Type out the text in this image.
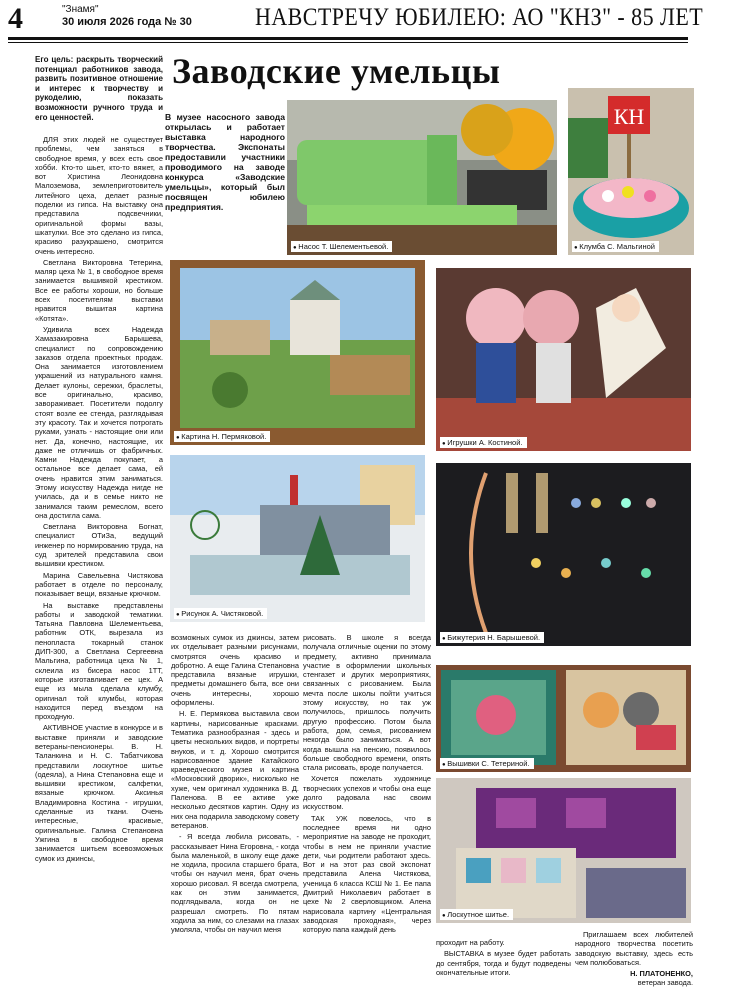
4	"Знамя"
30 июля 2026 года № 30	НАВСТРЕЧУ ЮБИЛЕЮ: АО "КНЗ" - 85 ЛЕТ
Заводские умельцы
Его цель: раскрыть творческий потенциал работников завода, развить позитивное отношение и интерес к творчеству и рукоделию, показать возможности ручного труда и его ценностей.	В музее насосного завода открылась и работает выставка народного творчества. Экспонаты предоставили участники проводимого на заводе конкурса «Заводские умельцы», который был посвящен юбилею предприятия.

ДЛЯ этих людей не существует проблемы, чем заняться в свободное время, у всех есть свое хобби. Кто-то шьет, кто-то вяжет, а вот Христина Леонидовна Малоземова, землеприготовитель литейного цеха, делает разные поделки из гипса. На выставку она представила подсвечники, оригинальной формы вазы, шкатулки. Все это сделано из гипса, красиво разукрашено, смотрится очень интересно.

Светлана Викторовна Тетерина, маляр цеха № 1, в свободное время занимается вышивкой крестиком. Все ее работы хороши, но больше всех посетителям выставки нравится вышитая картина «Котята».

Удивила всех Надежда Хамазакировна Барышева, специалист по сопровождению заказов отдела проектных продаж. Она занимается изготовлением украшений из натурального камня. Делает кулоны, сережки, браслеты, все оригинально, красиво, завораживает. Посетители подолгу стоят возле ее стенда, разглядывая эту красоту. Так и хочется потрогать руками, узнать - настоящие они или нет. Да, конечно, настоящие, их даже не отличишь от фабричных. Камни Надежда покупает, а остальное все делает сама, ей очень нравится этим заниматься. Этому искусству Надежда нигде не училась, да и в семье никто не занимался таким ремеслом, всего она достигла сама.

Светлана Викторовна Богнат, специалист ОТиЗа, ведущий инженер по нормированию труда, на суд зрителей представила свои вышивки крестиком.

Марина Савельевна Чистякова работает в отделе по персоналу, показывает вещи, вязаные крючком.

На выставке представлены работы и заводской тематики. Татьяна Павловна Шелементьева, работник ОТК, вырезала из пенопласта токарный станок ДИП-300, а Светлана Сергеевна Мальгина, работница цеха № 1, склеила из бисера насос 1ТТ, которые изготавливает ее цех. А еще из мыла сделала клумбу, оригинал той клумбы, которая находится перед въездом на проходную.

АКТИВНОЕ участие в конкурсе и в выставке приняли и заводские ветераны-пенсионеры. В. Н. Таланкина и Н. С. Табатчикова представили лоскутное шитье (одеяла), а Нина Степановна еще и вышивки крестиком, салфетки, вязаные крючком. Аксинья Владимировна Костина - игрушки, сделанные из ткани. Очень интересные, красивые, оригинальные. Галина Степановна Ужгина в свободное время занимается шитьем всевозможных сумок из джинсы,

возможных сумок из джинсы, затем их отделывает разными рисунками, смотрятся очень красиво и добротно. А еще Галина Степановна представила вязаные игрушки, предметы домашнего быта, все они очень интересны, хорошо оформлены.

Н. Е. Пермякова выставила свои картины, нарисованные красками. Тематика разнообразная - здесь и цветы нескольких видов, и портреты внуков, и т. д. Хорошо смотрится нарисованное здание Катайского краеведческого музея и картина «Московский дворик», нисколько не хуже, чем оригинал художника В. Д. Паленова. В ее активе уже несколько десятков картин. Одну из них она подарила заводскому совету ветеранов.

- Я всегда любила рисовать, - рассказывает Нина Егоровна, - когда была маленькой, в школу еще даже не ходила, просила старшего брата, чтобы он научил меня, брат очень хорошо рисовал. Я всегда смотрела, как он этим занимается, подглядывала, когда он не разрешал смотреть. По пятам ходила за ним, со слезами на глазах умоляла, чтобы он научил меня

рисовать. В школе я всегда получала отличные оценки по этому предмету, активно принимала участие в оформлении школьных стенгазет и других мероприятиях, связанных с рисованием. Была мечта после школы пойти учиться этому искусству, но так уж получилось, пришлось получить другую профессию. Потом была работа, дом, семья, рисованием некогда было заниматься. А вот когда вышла на пенсию, появилось больше свободного времени, опять стала рисовать, вроде получается.

Хочется пожелать художнице творческих успехов и чтобы она еще долго радовала нас своим искусством.

ТАК УЖ повелось, что в последнее время ни одно мероприятие на заводе не проходит, чтобы в нем не приняли участие дети, чьи родители работают здесь. Вот и на этот раз свой экспонат представила Алена Чистякова, ученица 6 класса КСШ № 1. Ее папа Дмитрий Николаевич работает в цехе № 2 сверловщиком. Алена нарисовала картину «Центральная заводская проходная», через которую папа каждый день

проходит на работу.

ВЫСТАВКА в музее будет работать до сентября, тогда и будут подведены окончательные итоги.

Приглашаем всех любителей народного творчества посетить заводскую выставку, здесь есть чем полюбоваться.

Н. ПЛАТОНЕНКО,

ветеран завода.

● Насос Т. Шелементьевой.
КН
● Клумба С. Мальгиной
● Картина Н. Пермяковой.
● Игрушки А. Костиной.
● Рисунок А. Чистяковой.
● Бижутерия Н. Барышевой.
● Вышивки С. Тетериной.
● Лоскутное шитье.
